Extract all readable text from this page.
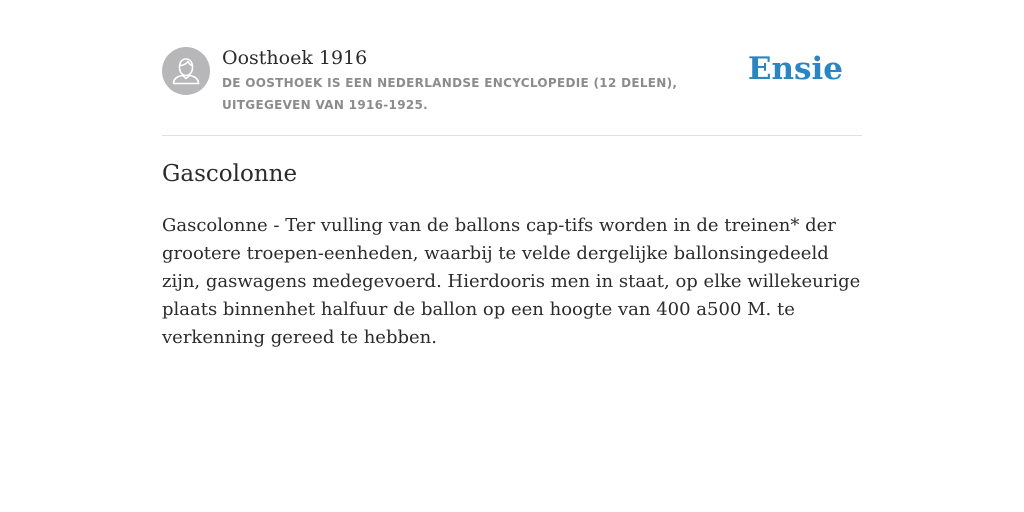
Oosthoek 1916
DE OOSTHOEK IS EEN NEDERLANDSE ENCYCLOPEDIE (12 DELEN), UITGEGEVEN VAN 1916-1925.
Ensie
Gascolonne

Gascolonne - Ter vulling van de ballons cap-tifs worden in de treinen* der grootere troepen-eenheden, waarbij te velde dergelijke ballonsingedeeld zijn, gaswagens medegevoerd. Hierdooris men in staat, op elke willekeurige plaats binnenhet halfuur de ballon op een hoogte van 400 a500 M. te verkenning gereed te hebben.
